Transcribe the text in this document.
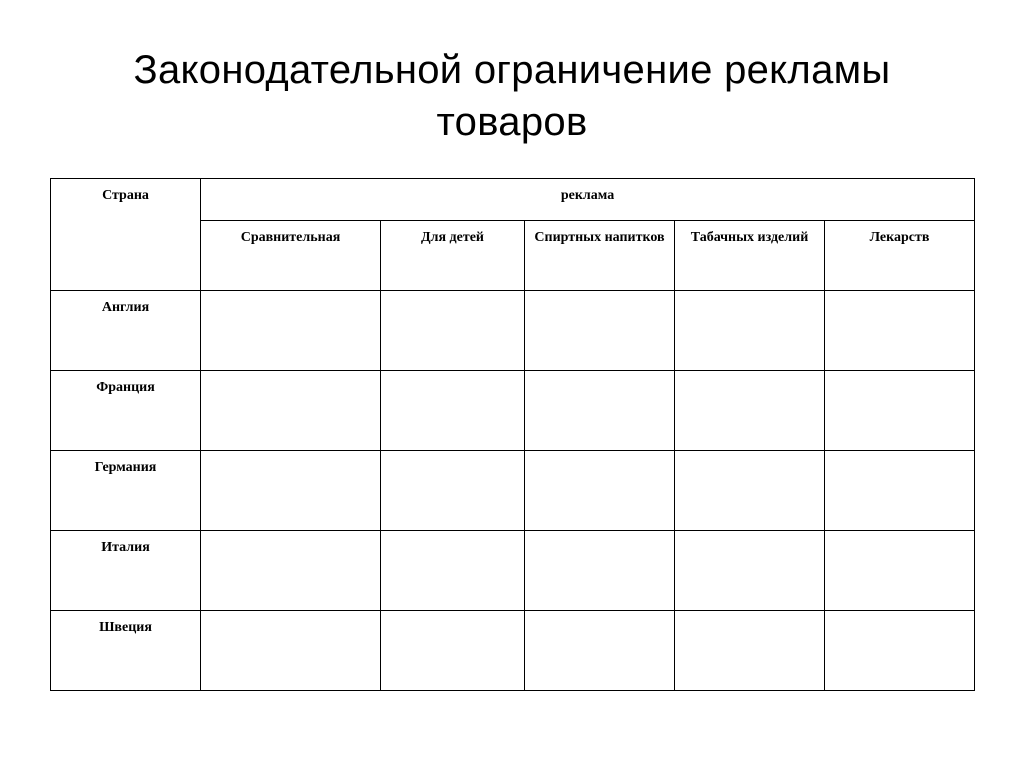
Законодательной ограничение рекламы товаров
Страна	реклама				
	Сравнительная	Для детей	Спиртных напитков	Табачных изделий	Лекарств
Англия					
Франция					
Германия					
Италия					
Швеция					
